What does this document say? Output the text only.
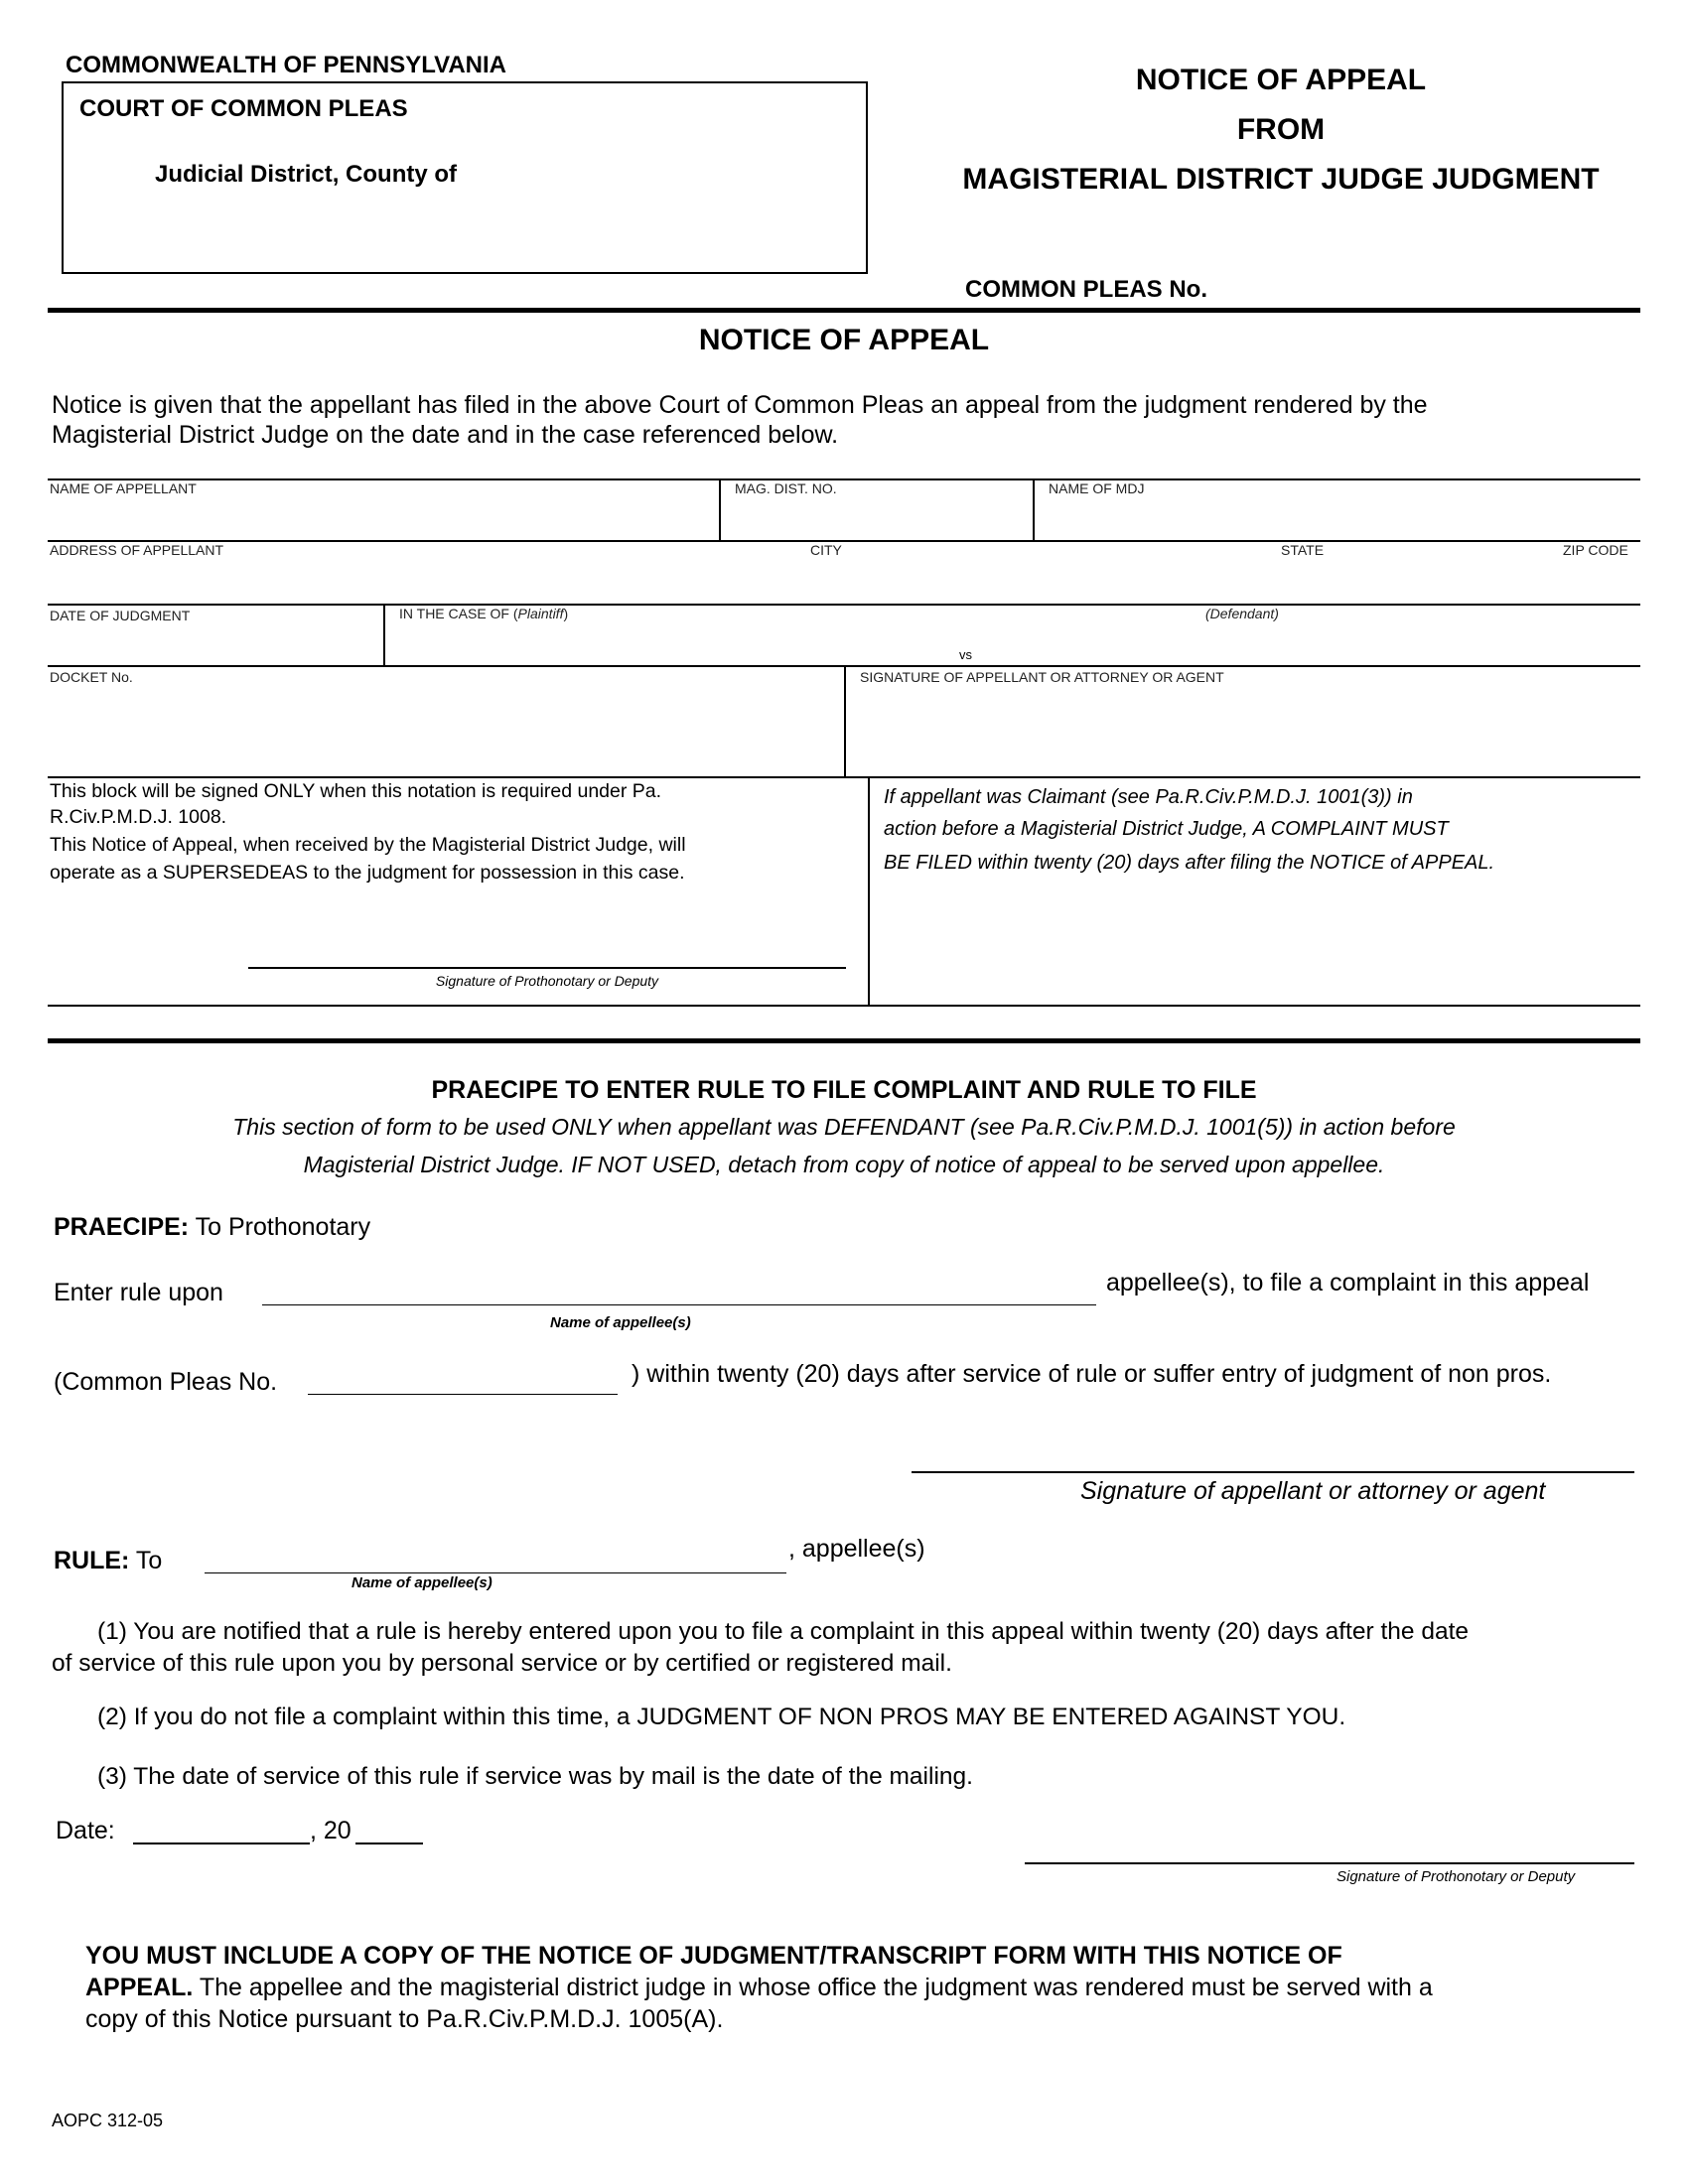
COMMONWEALTH OF PENNSYLVANIA
COURT OF COMMON PLEAS
Judicial District, County of
NOTICE OF APPEAL
FROM
MAGISTERIAL DISTRICT JUDGE JUDGMENT
COMMON PLEAS No.
NOTICE OF APPEAL
Notice is given that the appellant has filed in the above Court of Common Pleas an appeal from the judgment rendered by the
Magisterial District Judge on the date and in the case referenced below.
NAME OF APPELLANT	MAG. DIST. NO.	NAME OF MDJ
ADDRESS OF APPELLANT	CITY	STATE	ZIP CODE
DATE OF JUDGMENT	IN THE CASE OF (Plaintiff)	(Defendant)
vs
DOCKET No.	SIGNATURE OF APPELLANT OR ATTORNEY OR AGENT
This block will be signed ONLY when this notation is required under Pa.
R.Civ.P.M.D.J. 1008.
This Notice of Appeal, when received by the Magisterial District Judge, will
operate as a SUPERSEDEAS to the judgment for possession in this case.
Signature of Prothonotary or Deputy
If appellant was Claimant (see Pa.R.Civ.P.M.D.J. 1001(3)) in
action before a Magisterial District Judge, A COMPLAINT MUST
BE FILED within twenty (20) days after filing the NOTICE of APPEAL.
PRAECIPE TO ENTER RULE TO FILE COMPLAINT AND RULE TO FILE
This section of form to be used ONLY when appellant was DEFENDANT (see Pa.R.Civ.P.M.D.J. 1001(5)) in action before
Magisterial District Judge. IF NOT USED, detach from copy of notice of appeal to be served upon appellee.
PRAECIPE: To Prothonotary
Enter rule upon
Name of appellee(s)
appellee(s), to file a complaint in this appeal
(Common Pleas No.	) within twenty (20) days after service of rule or suffer entry of judgment of non pros.
Signature of appellant or attorney or agent
RULE: To
Name of appellee(s)
, appellee(s)
(1) You are notified that a rule is hereby entered upon you to file a complaint in this appeal within twenty (20) days after the date
of service of this rule upon you by personal service or by certified or registered mail.
(2) If you do not file a complaint within this time, a JUDGMENT OF NON PROS MAY BE ENTERED AGAINST YOU.
(3) The date of service of this rule if service was by mail is the date of the mailing.
Date:	, 20
Signature of Prothonotary or Deputy
YOU MUST INCLUDE A COPY OF THE NOTICE OF JUDGMENT/TRANSCRIPT FORM WITH THIS NOTICE OF
APPEAL. The appellee and the magisterial district judge in whose office the judgment was rendered must be served with a
copy of this Notice pursuant to Pa.R.Civ.P.M.D.J. 1005(A).
AOPC 312-05
